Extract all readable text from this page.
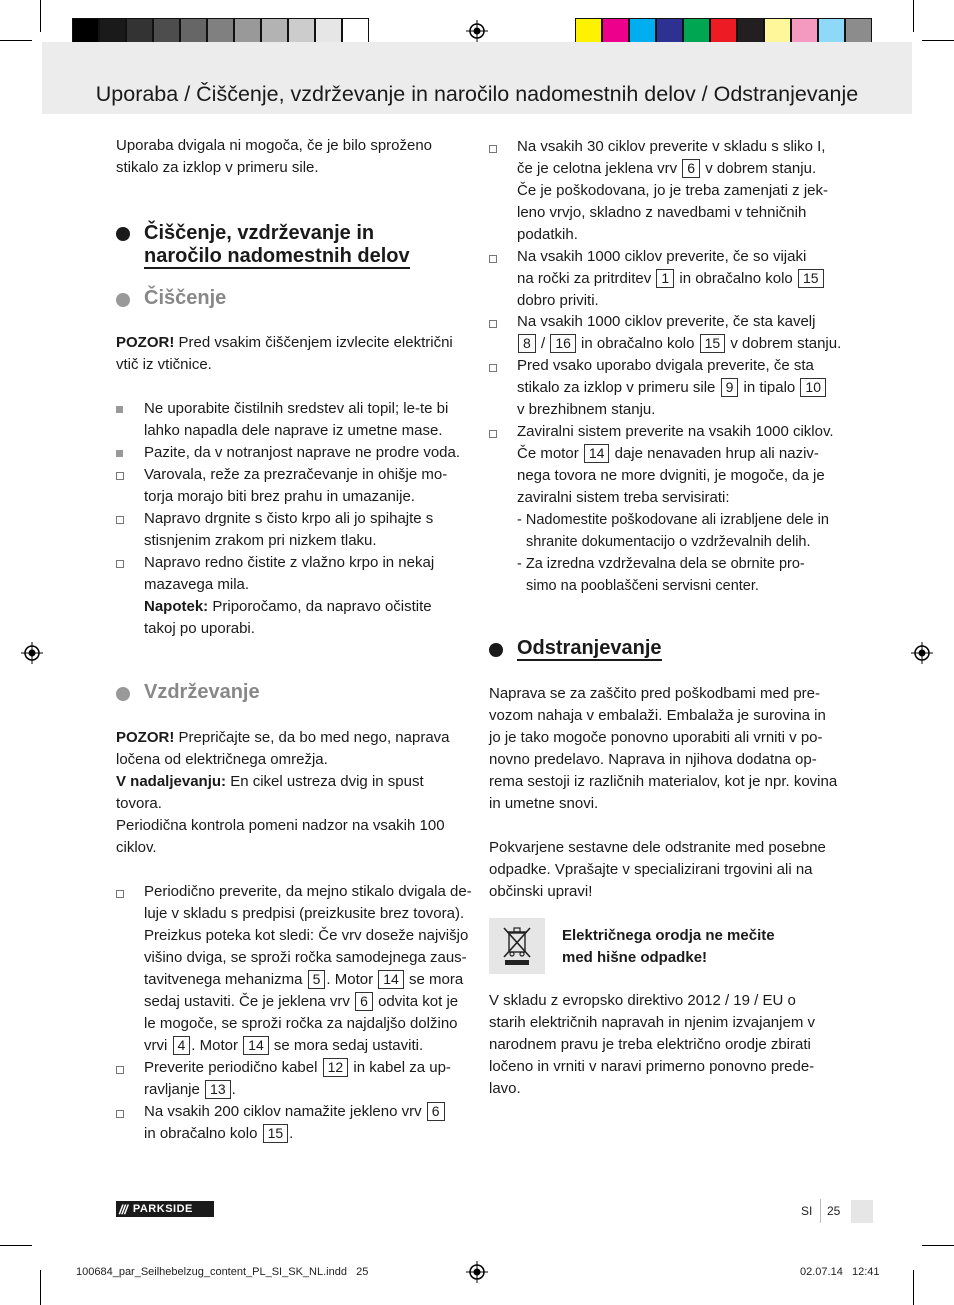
Uporaba / Čiščenje, vzdrževanje in naročilo nadomestnih delov / Odstranjevanje

Uporaba dvigala ni mogoča, če je bilo sproženo stikalo za izklop v primeru sile.

Čiščenje, vzdrževanje in
naročilo nadomestnih delov
Čiščenje

POZOR! Pred vsakim čiščenjem izvlecite električni

vtič iz vtičnice.

Ne uporabite čistilnih sredstev ali topil; le-te bi

lahko napadla dele naprave iz umetne mase.

Pazite, da v notranjost naprave ne prodre voda.

Varovala, reže za prezračevanje in ohišje mo-

torja morajo biti brez prahu in umazanije.

Napravo drgnite s čisto krpo ali jo spihajte s

stisnjenim zrakom pri nizkem tlaku.

Napravo redno čistite z vlažno krpo in nekaj

mazavega mila.

Napotek: Priporočamo, da napravo očistite

takoj po uporabi.

Vzdrževanje

POZOR! Prepričajte se, da bo med nego, naprava

ločena od električnega omrežja.

V nadaljevanju: En cikel ustreza dvig in spust

tovora.

Periodična kontrola pomeni nadzor na vsakih 100

ciklov.

Periodično preverite, da mejno stikalo dvigala de-

luje v skladu s predpisi (preizkusite brez tovora).

Preizkus poteka kot sledi: Če vrv doseže najvišjo

višino dviga, se sproži ročka samodejnega zaus-

tavitvenega mehanizma 5 . Motor 14 se mora

sedaj ustaviti. Če je jeklena vrv 6 odvita kot je

le mogoče, se sproži ročka za najdaljšo dolžino

vrvi 4 . Motor 14 se mora sedaj ustaviti.

Preverite periodično kabel 12 in kabel za up-

ravljanje 13 .

Na vsakih 200 ciklov namažite jekleno vrv 6

in obračalno kolo 15 .

Na vsakih 30 ciklov preverite v skladu s sliko I,

če je celotna jeklena vrv 6 v dobrem stanju.

Če je poškodovana, jo je treba zamenjati z jek-

leno vrvjo, skladno z navedbami v tehničnih

podatkih.

Na vsakih 1000 ciklov preverite, če so vijaki

na ročki za pritrditev 1 in obračalno kolo 15

dobro priviti.

Na vsakih 1000 ciklov preverite, če sta kavelj

8 / 16 in obračalno kolo 15 v dobrem stanju.

Pred vsako uporabo dvigala preverite, če sta

stikalo za izklop v primeru sile 9 in tipalo 10

v brezhibnem stanju.

Zaviralni sistem preverite na vsakih 1000 ciklov.

Če motor 14 daje nenavaden hrup ali naziv-

nega tovora ne more dvigniti, je mogoče, da je

zaviralni sistem treba servisirati:

- Nadomestite poškodovane ali izrabljene dele in

shranite dokumentacijo o vzdrževalnih delih.

- Za izredna vzdrževalna dela se obrnite pro-

simo na pooblaščeni servisni center.

Odstranjevanje

Naprava se za zaščito pred poškodbami med pre-

vozom nahaja v embalaži. Embalaža je surovina in

jo je tako mogoče ponovno uporabiti ali vrniti v po-

novno predelavo. Naprava in njihova dodatna op-

rema sestoji iz različnih materialov, kot je npr. kovina

in umetne snovi.

Pokvarjene sestavne dele odstranite med posebne

odpadke. Vprašajte v specializirani trgovini ali na

občinski upravi!

Električnega orodja ne mečite

med hišne odpadke!

V skladu z evropsko direktivo 2012 / 19 / EU o

starih električnih napravah in njenim izvajanjem v

narodnem pravu je treba električno orodje zbirati

ločeno in vrniti v naravi primerno ponovno prede-

lavo.

/// PARKSIDE	SI 25
100684_par_Seilhebelzug_content_PL_SI_SK_NL.indd   25	02.07.14   12:41
